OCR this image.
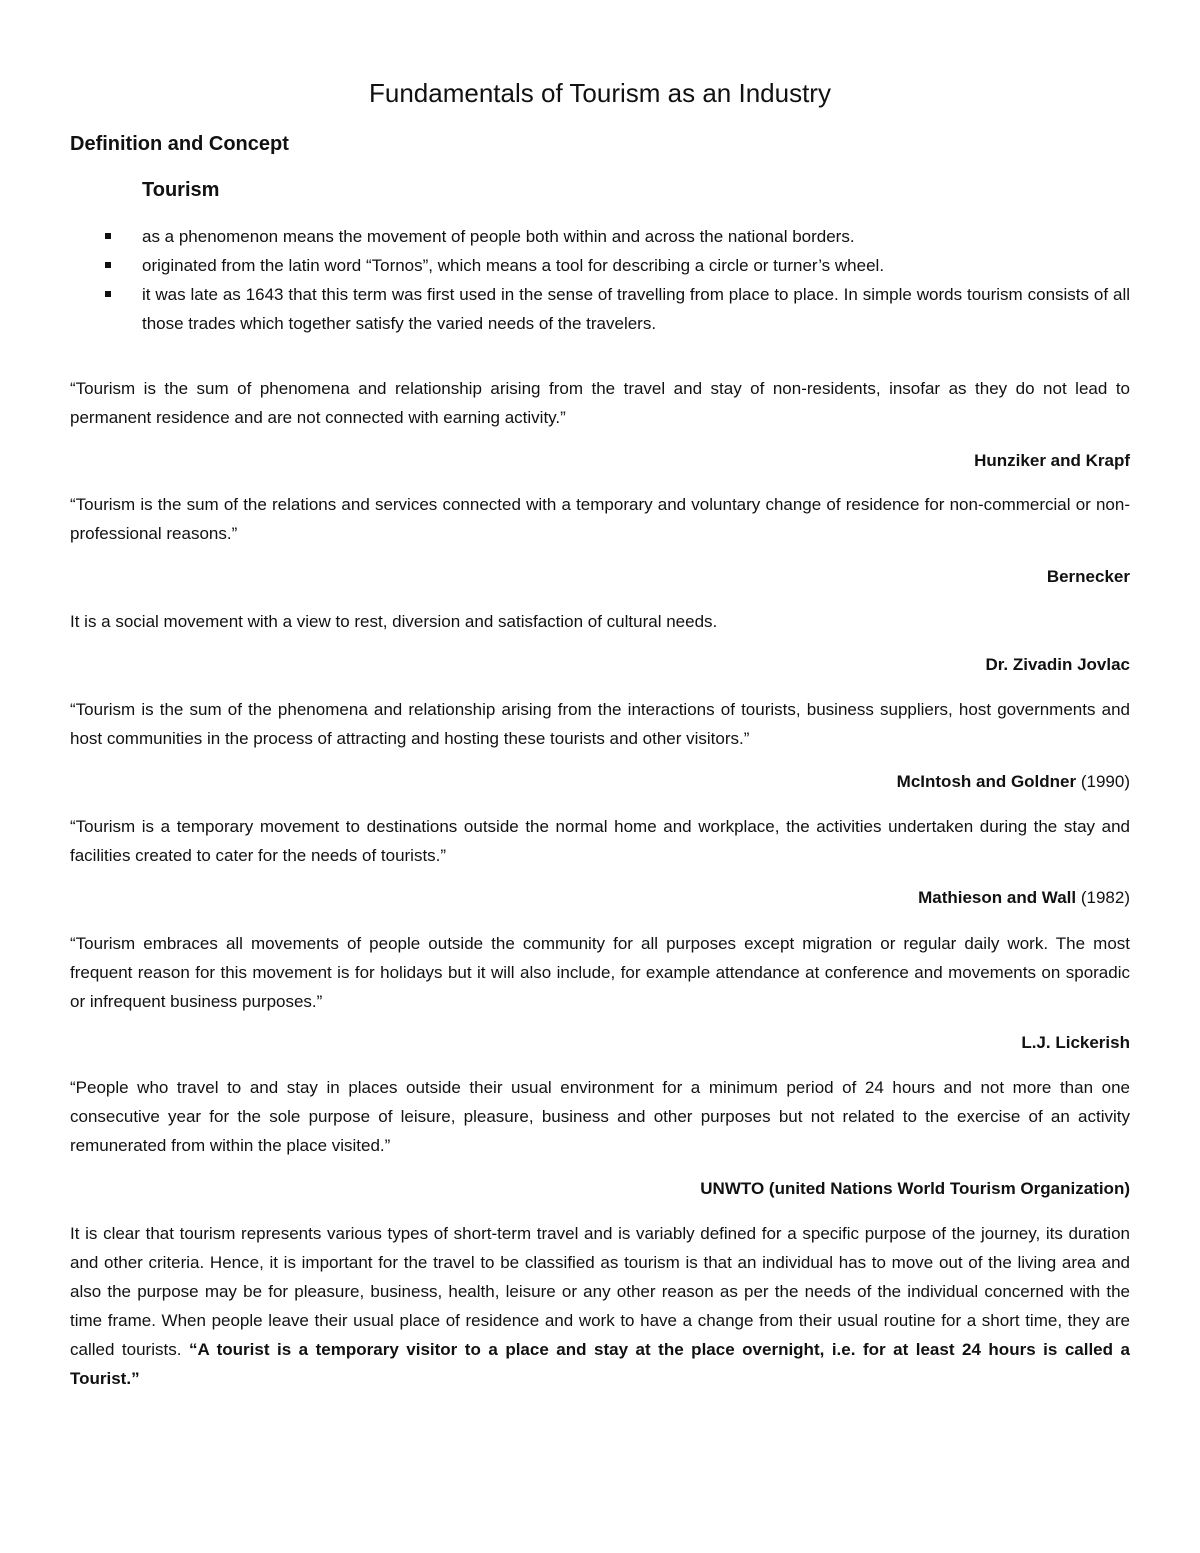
Fundamentals of Tourism as an Industry
Definition and Concept
Tourism
as a phenomenon means the movement of people both within and across the national borders.
originated from the latin word “Tornos”, which means a tool for describing a circle or turner’s wheel.
it was late as 1643 that this term was first used in the sense of travelling from place to place. In simple words tourism consists of all those trades which together satisfy the varied needs of the travelers.

“Tourism is the sum of phenomena and relationship arising from the travel and stay of non-residents, insofar as they do not lead to permanent residence and are not connected with earning activity.”

Hunziker and Krapf

“Tourism is the sum of the relations and services connected with a temporary and voluntary change of residence for non-commercial or non-professional reasons.”

Bernecker

It is a social movement with a view to rest, diversion and satisfaction of cultural needs.

Dr. Zivadin Jovlac

“Tourism is the sum of the phenomena and relationship arising from the interactions of tourists, business suppliers, host governments and host communities in the process of attracting and hosting these tourists and other visitors.”

McIntosh and Goldner (1990)

“Tourism is a temporary movement to destinations outside the normal home and workplace, the activities undertaken during the stay and facilities created to cater for the needs of tourists.”

Mathieson and Wall (1982)

“Tourism embraces all movements of people outside the community for all purposes except migration or regular daily work. The most frequent reason for this movement is for holidays but it will also include, for example attendance at conference and movements on sporadic or infrequent business purposes.”

L.J. Lickerish

“People who travel to and stay in places outside their usual environment for a minimum period of 24 hours and not more than one consecutive year for the sole purpose of leisure, pleasure, business and other purposes but not related to the exercise of an activity remunerated from within the place visited.”

UNWTO (united Nations World Tourism Organization)

It is clear that tourism represents various types of short-term travel and is variably defined for a specific purpose of the journey, its duration and other criteria. Hence, it is important for the travel to be classified as tourism is that an individual has to move out of the living area and also the purpose may be for pleasure, business, health, leisure or any other reason as per the needs of the individual concerned with the time frame. When people leave their usual place of residence and work to have a change from their usual routine for a short time, they are called tourists. “A tourist is a temporary visitor to a place and stay at the place overnight, i.e. for at least 24 hours is called a Tourist.”
